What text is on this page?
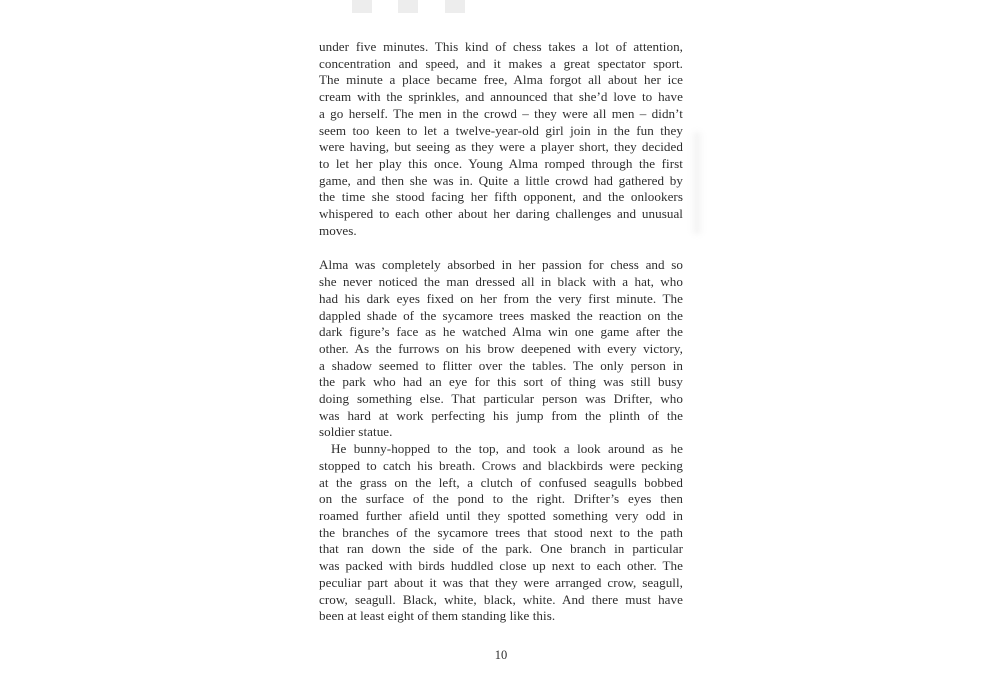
under five minutes. This kind of chess takes a lot of attention,
concentration and speed, and it makes a great spectator sport.
The minute a place became free, Alma forgot all about her ice
cream with the sprinkles, and announced that she’d love to have
a go herself. The men in the crowd – they were all men – didn’t
seem too keen to let a twelve-year-old girl join in the fun they
were having, but seeing as they were a player short, they decided
to let her play this once. Young Alma romped through the first
game, and then she was in. Quite a little crowd had gathered by
the time she stood facing her fifth opponent, and the onlookers
whispered to each other about her daring challenges and unusual
moves.
Alma was completely absorbed in her passion for chess and so
she never noticed the man dressed all in black with a hat, who
had his dark eyes fixed on her from the very first minute. The
dappled shade of the sycamore trees masked the reaction on the
dark figure’s face as he watched Alma win one game after the
other. As the furrows on his brow deepened with every victory,
a shadow seemed to flitter over the tables. The only person in
the park who had an eye for this sort of thing was still busy
doing something else. That particular person was Drifter, who
was hard at work perfecting his jump from the plinth of the
soldier statue.
He bunny-hopped to the top, and took a look around as he
stopped to catch his breath. Crows and blackbirds were pecking
at the grass on the left, a clutch of confused seagulls bobbed
on the surface of the pond to the right. Drifter’s eyes then
roamed further afield until they spotted something very odd in
the branches of the sycamore trees that stood next to the path
that ran down the side of the park. One branch in particular
was packed with birds huddled close up next to each other. The
peculiar part about it was that they were arranged crow, seagull,
crow, seagull. Black, white, black, white. And there must have
been at least eight of them standing like this.
10
